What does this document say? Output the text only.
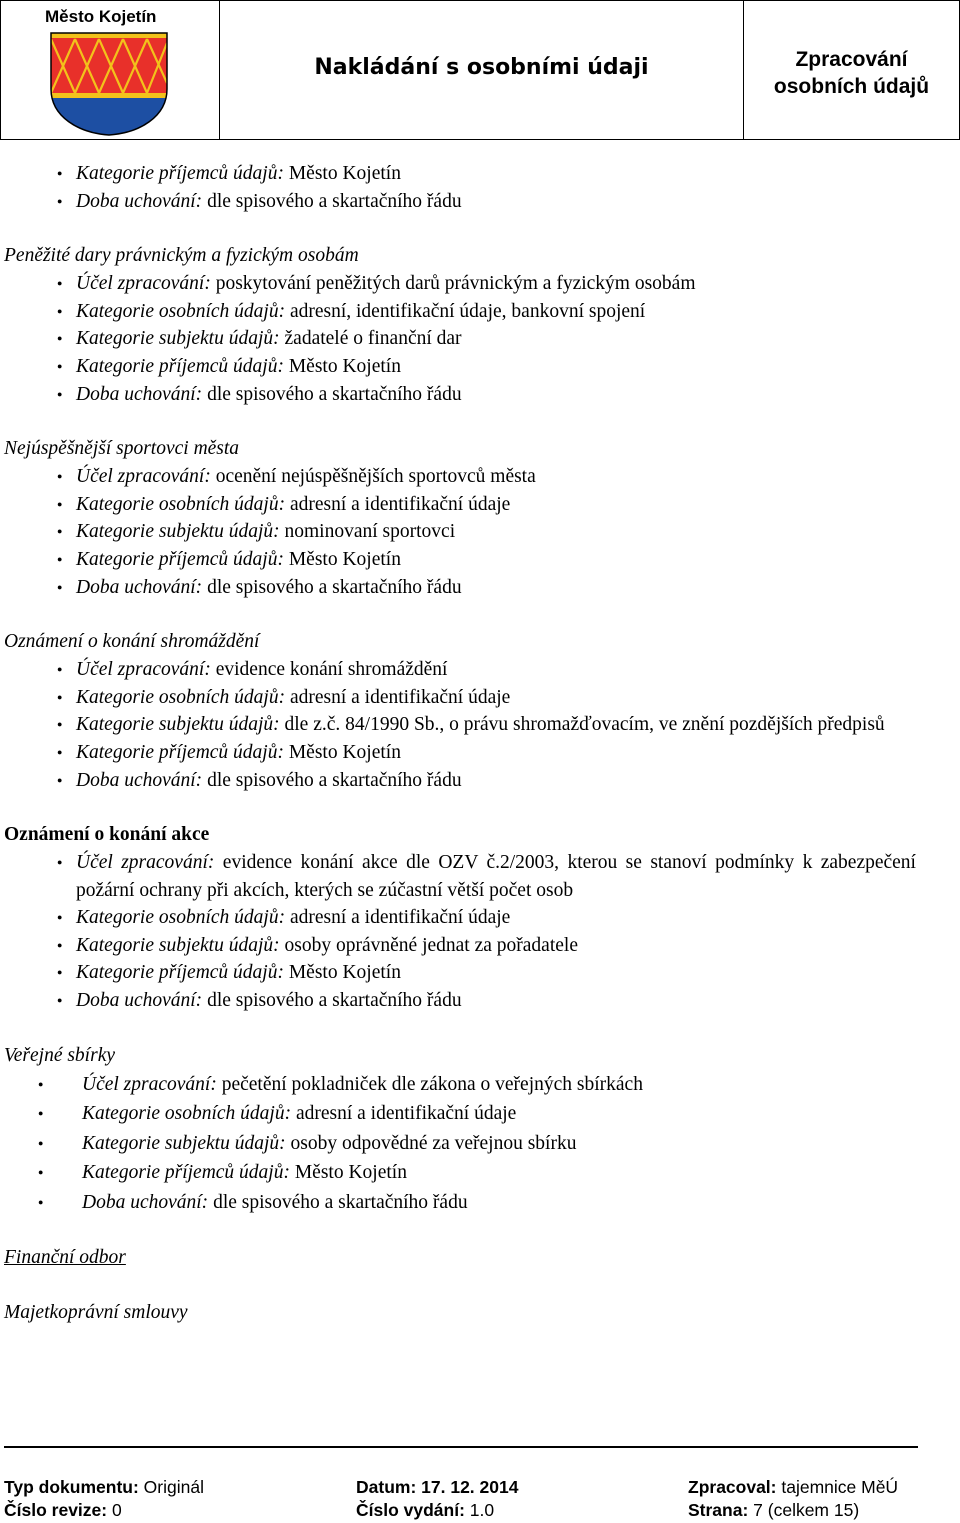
Město Kojetín
Nakládání s osobními údaji	Zpracování
osobních údajů
● Kategorie příjemců údajů: Město Kojetín
● Doba uchování: dle spisového a skartačního řádu
Peněžité dary právnickým a fyzickým osobám
● Účel zpracování: poskytování peněžitých darů právnickým a fyzickým osobám
● Kategorie osobních údajů: adresní, identifikační údaje, bankovní spojení
● Kategorie subjektu údajů: žadatelé o finanční dar
● Kategorie příjemců údajů: Město Kojetín
● Doba uchování: dle spisového a skartačního řádu
Nejúspěšnější sportovci města
● Účel zpracování: ocenění nejúspěšnějších sportovců města
● Kategorie osobních údajů: adresní a identifikační údaje
● Kategorie subjektu údajů: nominovaní sportovci
● Kategorie příjemců údajů: Město Kojetín
● Doba uchování: dle spisového a skartačního řádu
Oznámení o konání shromáždění
● Účel zpracování: evidence konání shromáždění
● Kategorie osobních údajů: adresní a identifikační údaje
● Kategorie subjektu údajů: dle z.č. 84/1990 Sb., o právu shromažďovacím, ve znění pozdějších předpisů
● Kategorie příjemců údajů: Město Kojetín
● Doba uchování: dle spisového a skartačního řádu
Oznámení o konání akce
● Účel zpracování: evidence konání akce dle OZV č.2/2003, kterou se stanoví podmínky k zabezpečení požární ochrany při akcích, kterých se zúčastní větší počet osob
● Kategorie osobních údajů: adresní a identifikační údaje
● Kategorie subjektu údajů: osoby oprávněné jednat za pořadatele
● Kategorie příjemců údajů: Město Kojetín
● Doba uchování: dle spisového a skartačního řádu
Veřejné sbírky
● Účel zpracování: pečetění pokladniček dle zákona o veřejných sbírkách
● Kategorie osobních údajů: adresní a identifikační údaje
● Kategorie subjektu údajů: osoby odpovědné za veřejnou sbírku
● Kategorie příjemců údajů: Město Kojetín
● Doba uchování: dle spisového a skartačního řádu
Finanční odbor
Majetkoprávní smlouvy
Typ dokumentu: Originál	Datum: 17. 12. 2014	Zpracoval: tajemnice MěÚ
Číslo revize: 0	Číslo vydání: 1.0	Strana: 7 (celkem 15)
